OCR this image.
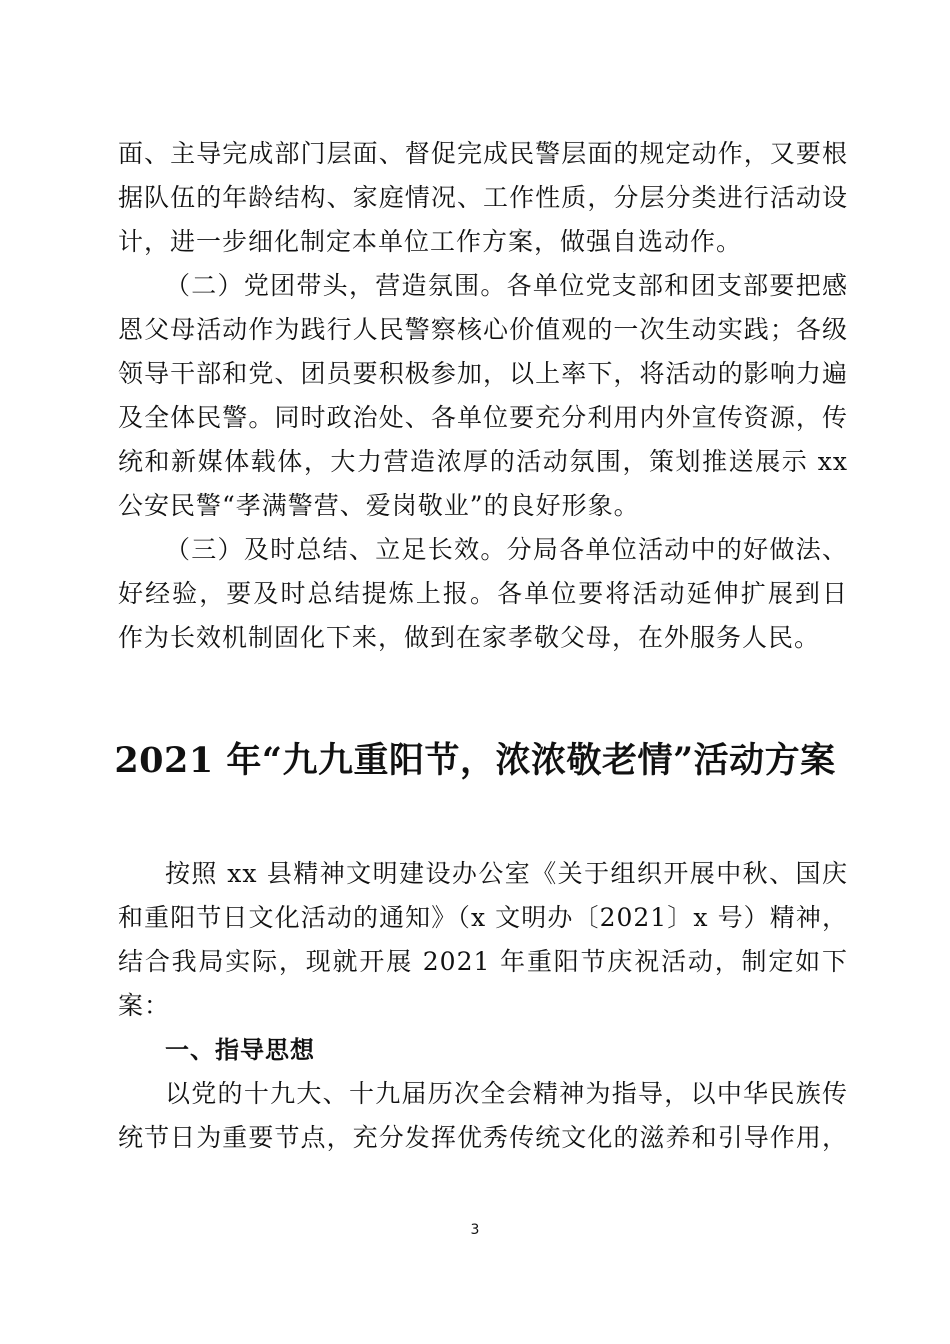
面、主导完成部门层面、督促完成民警层面的规定动作，又要根
据队伍的年龄结构、家庭情况、工作性质，分层分类进行活动设
计，进一步细化制定本单位工作方案，做强自选动作。
（二）党团带头，营造氛围。各单位党支部和团支部要把感
恩父母活动作为践行人民警察核心价值观的一次生动实践；各级
领导干部和党、团员要积极参加，以上率下，将活动的影响力遍
及全体民警。同时政治处、各单位要充分利用内外宣传资源，传
统和新媒体载体，大力营造浓厚的活动氛围，策划推送展示 xx
公安民警“孝满警营、爱岗敬业”的良好形象。
（三）及时总结、立足长效。分局各单位活动中的好做法、
好经验，要及时总结提炼上报。各单位要将活动延伸扩展到日
作为长效机制固化下来，做到在家孝敬父母，在外服务人民。
2021 年“九九重阳节，浓浓敬老情”活动方案
按照 xx 县精神文明建设办公室《关于组织开展中秋、国庆
和重阳节日文化活动的通知》（x 文明办〔2021〕x 号）精神，
结合我局实际，现就开展 2021 年重阳节庆祝活动，制定如下
案：
一、指导思想
以党的十九大、十九届历次全会精神为指导，以中华民族传
统节日为重要节点，充分发挥优秀传统文化的滋养和引导作用，
3
